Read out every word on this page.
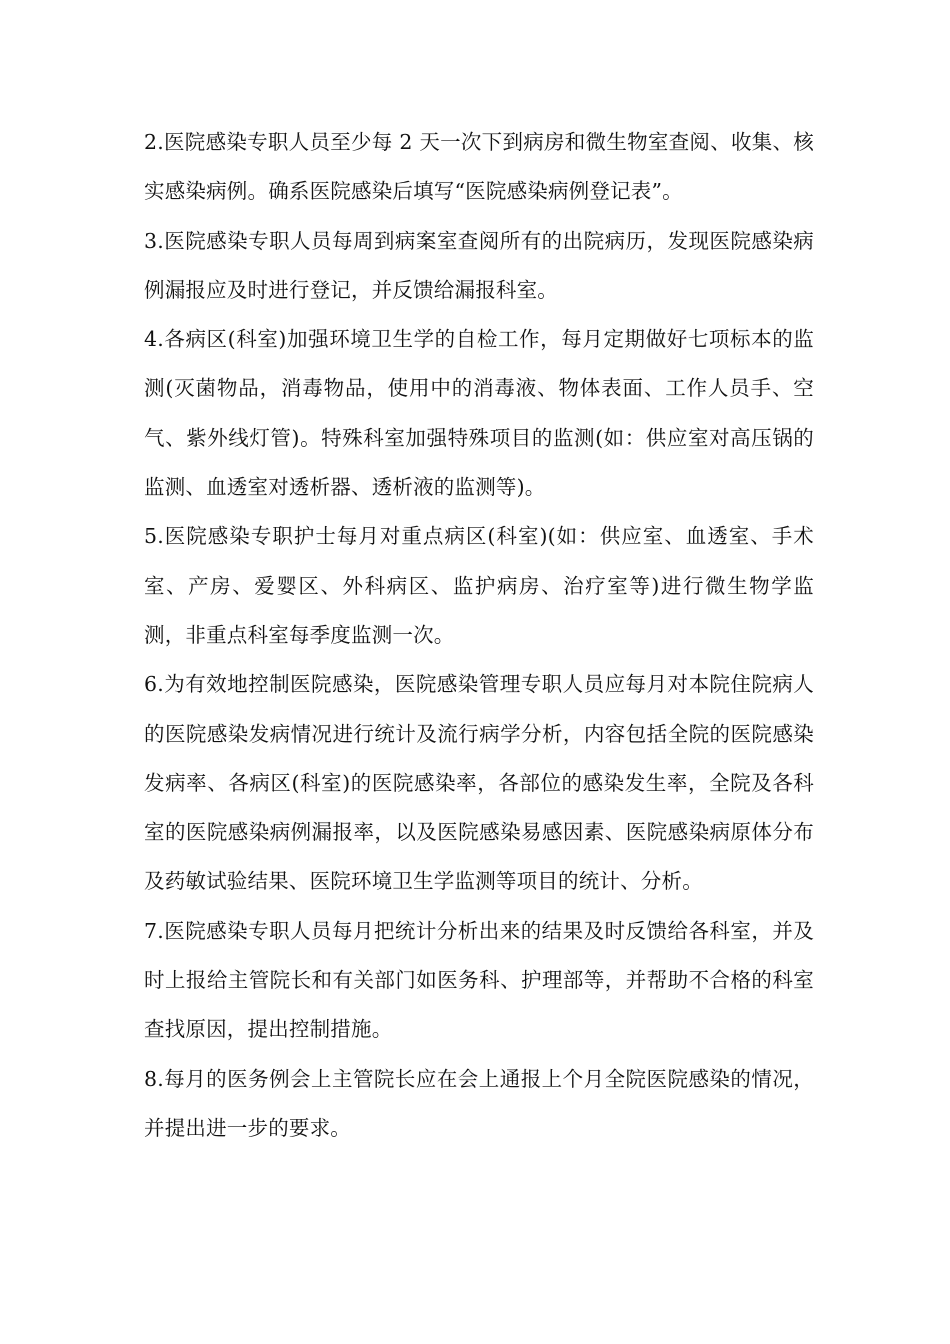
2.医院感染专职人员至少每 2 天一次下到病房和微生物室查阅、收集、核实感染病例。确系医院感染后填写“医院感染病例登记表”。

3.医院感染专职人员每周到病案室查阅所有的出院病历，发现医院感染病例漏报应及时进行登记，并反馈给漏报科室。

4.各病区(科室)加强环境卫生学的自检工作，每月定期做好七项标本的监测(灭菌物品，消毒物品，使用中的消毒液、物体表面、工作人员手、空气、紫外线灯管)。特殊科室加强特殊项目的监测(如：供应室对高压锅的监测、血透室对透析器、透析液的监测等)。

5.医院感染专职护士每月对重点病区(科室)(如：供应室、血透室、手术室、产房、爱婴区、外科病区、监护病房、治疗室等)进行微生物学监测，非重点科室每季度监测一次。

6.为有效地控制医院感染，医院感染管理专职人员应每月对本院住院病人的医院感染发病情况进行统计及流行病学分析，内容包括全院的医院感染发病率、各病区(科室)的医院感染率，各部位的感染发生率，全院及各科室的医院感染病例漏报率，以及医院感染易感因素、医院感染病原体分布及药敏试验结果、医院环境卫生学监测等项目的统计、分析。

7.医院感染专职人员每月把统计分析出来的结果及时反馈给各科室，并及时上报给主管院长和有关部门如医务科、护理部等，并帮助不合格的科室查找原因，提出控制措施。

8.每月的医务例会上主管院长应在会上通报上个月全院医院感染的情况，并提出进一步的要求。
